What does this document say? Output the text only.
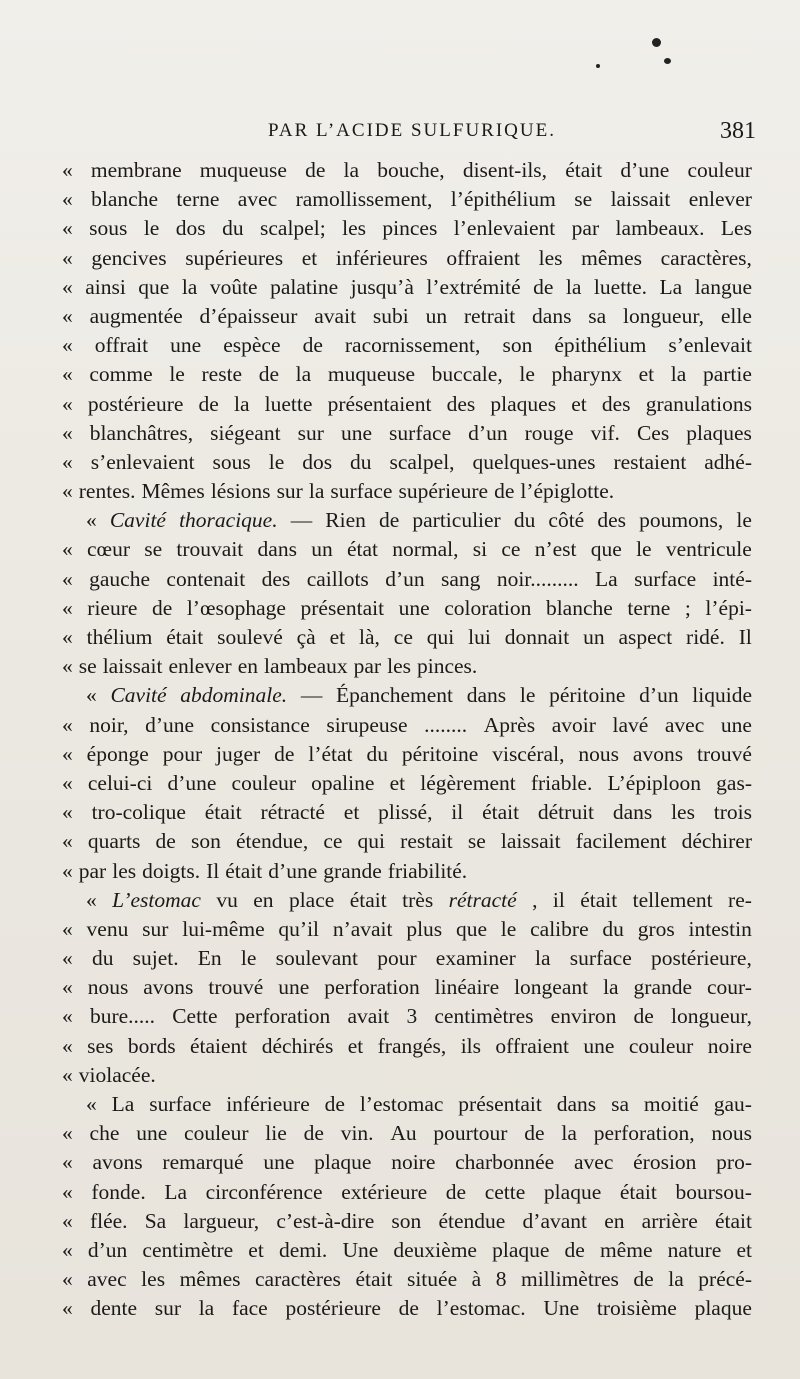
PAR L’ACIDE SULFURIQUE.	381
« membrane muqueuse de la bouche, disent-ils, était d’une couleur
« blanche terne avec ramollissement, l’épithélium se laissait enlever
« sous le dos du scalpel; les pinces l’enlevaient par lambeaux. Les
« gencives supérieures et inférieures offraient les mêmes caractères,
« ainsi que la voûte palatine jusqu’à l’extrémité de la luette. La langue
« augmentée d’épaisseur avait subi un retrait dans sa longueur, elle
« offrait une espèce de racornissement, son épithélium s’enlevait
« comme le reste de la muqueuse buccale, le pharynx et la partie
« postérieure de la luette présentaient des plaques et des granulations
« blanchâtres, siégeant sur une surface d’un rouge vif. Ces plaques
« s’enlevaient sous le dos du scalpel, quelques-unes restaient adhé-
« rentes. Mêmes lésions sur la surface supérieure de l’épiglotte.
« Cavité thoracique. — Rien de particulier du côté des poumons, le
« cœur se trouvait dans un état normal, si ce n’est que le ventricule
« gauche contenait des caillots d’un sang noir......... La surface inté-
« rieure de l’œsophage présentait une coloration blanche terne ; l’épi-
« thélium était soulevé çà et là, ce qui lui donnait un aspect ridé. Il
« se laissait enlever en lambeaux par les pinces.
« Cavité abdominale. — Épanchement dans le péritoine d’un liquide
« noir, d’une consistance sirupeuse ........ Après avoir lavé avec une
« éponge pour juger de l’état du péritoine viscéral, nous avons trouvé
« celui-ci d’une couleur opaline et légèrement friable. L’épiploon gas-
« tro-colique était rétracté et plissé, il était détruit dans les trois
« quarts de son étendue, ce qui restait se laissait facilement déchirer
« par les doigts. Il était d’une grande friabilité.
« L’estomac vu en place était très rétracté , il était tellement re-
« venu sur lui-même qu’il n’avait plus que le calibre du gros intestin
« du sujet. En le soulevant pour examiner la surface postérieure,
« nous avons trouvé une perforation linéaire longeant la grande cour-
« bure..... Cette perforation avait 3 centimètres environ de longueur,
« ses bords étaient déchirés et frangés, ils offraient une couleur noire
« violacée.
« La surface inférieure de l’estomac présentait dans sa moitié gau-
« che une couleur lie de vin. Au pourtour de la perforation, nous
« avons remarqué une plaque noire charbonnée avec érosion pro-
« fonde. La circonférence extérieure de cette plaque était boursou-
« flée. Sa largueur, c’est-à-dire son étendue d’avant en arrière était
« d’un centimètre et demi. Une deuxième plaque de même nature et
« avec les mêmes caractères était située à 8 millimètres de la précé-
« dente sur la face postérieure de l’estomac. Une troisième plaque
